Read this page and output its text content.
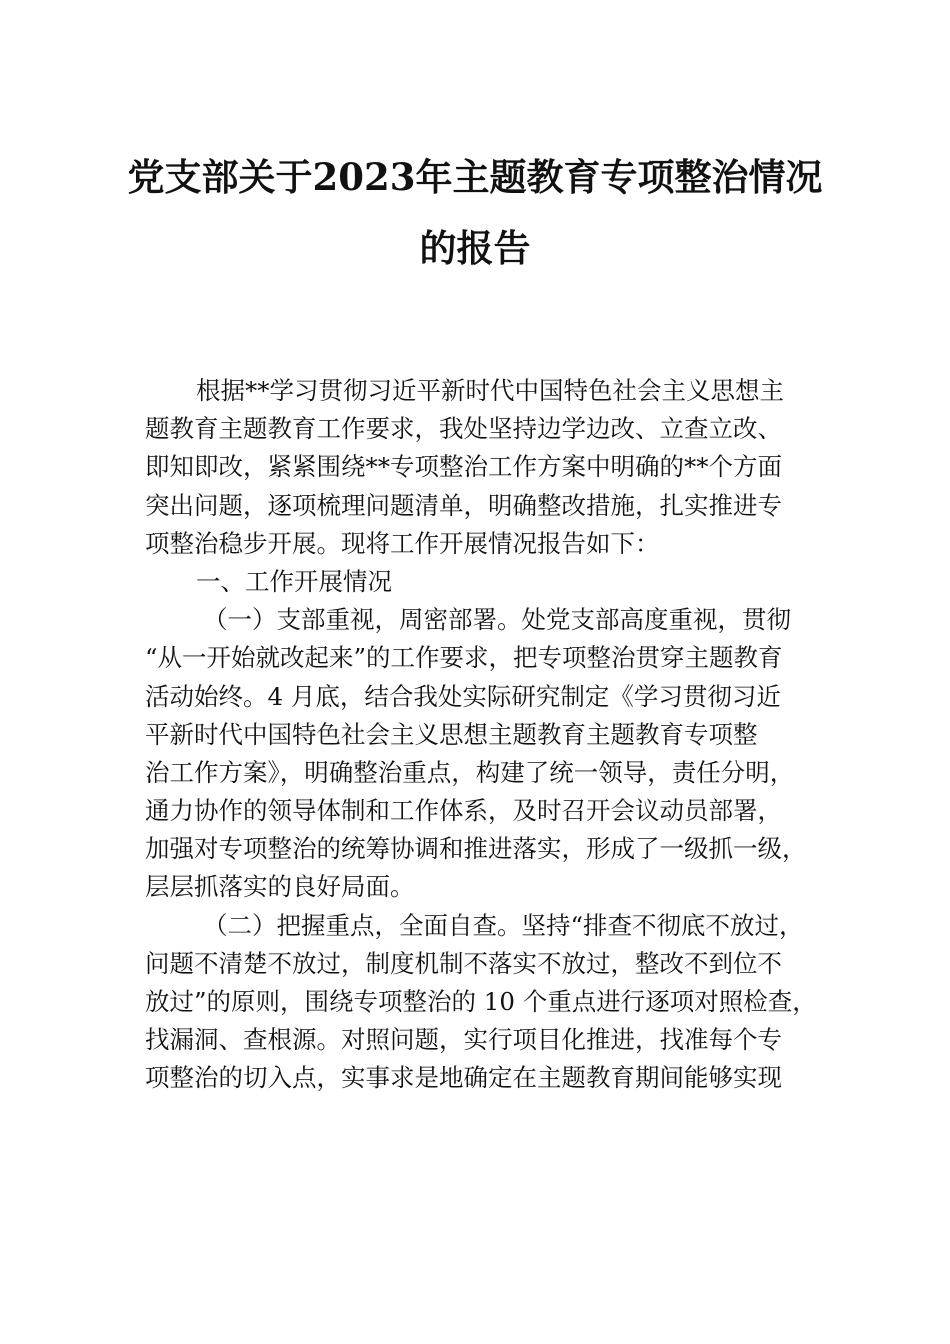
党支部关于2023年主题教育专项整治情况
的报告
根据**学习贯彻习近平新时代中国特色社会主义思想主
题教育主题教育工作要求，我处坚持边学边改、立查立改、
即知即改，紧紧围绕**专项整治工作方案中明确的**个方面
突出问题，逐项梳理问题清单，明确整改措施，扎实推进专
项整治稳步开展。现将工作开展情况报告如下：
一、工作开展情况
（一）支部重视，周密部署。处党支部高度重视，贯彻
“从一开始就改起来”的工作要求，把专项整治贯穿主题教育
活动始终。4 月底，结合我处实际研究制定《学习贯彻习近
平新时代中国特色社会主义思想主题教育主题教育专项整
治工作方案》，明确整治重点，构建了统一领导，责任分明，
通力协作的领导体制和工作体系，及时召开会议动员部署，
加强对专项整治的统筹协调和推进落实，形成了一级抓一级，
层层抓落实的良好局面。
（二）把握重点，全面自查。坚持“排查不彻底不放过，
问题不清楚不放过，制度机制不落实不放过，整改不到位不
放过”的原则，围绕专项整治的 10 个重点进行逐项对照检查，
找漏洞、查根源。对照问题，实行项目化推进，找准每个专
项整治的切入点，实事求是地确定在主题教育期间能够实现
